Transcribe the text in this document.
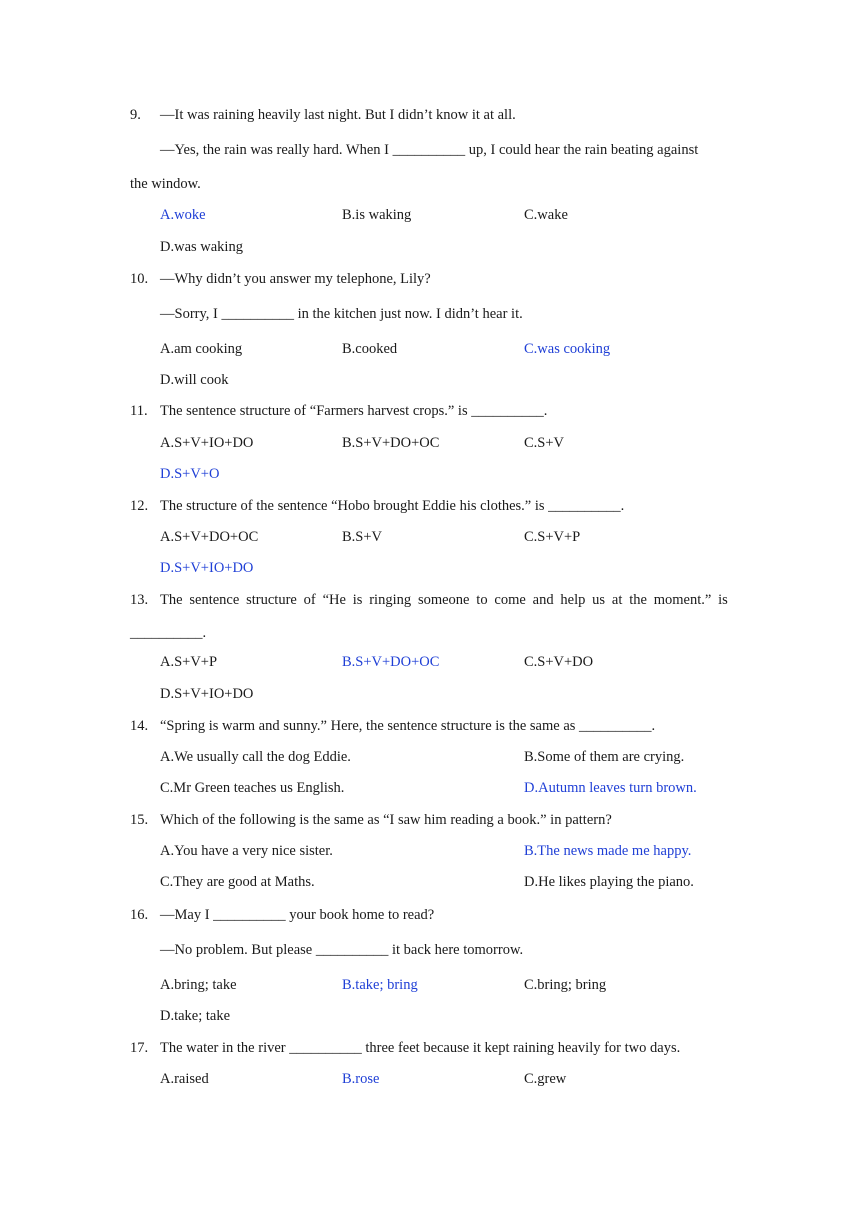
9. —It was raining heavily last night. But I didn’t know it at all.
—Yes, the rain was really hard. When I __________ up, I could hear the rain beating against
the window.
A.woke	B.is waking	C.wake
D.was waking
10. —Why didn’t you answer my telephone, Lily?
—Sorry, I __________ in the kitchen just now. I didn’t hear it.
A.am cooking	B.cooked	C.was cooking
D.will cook
11. The sentence structure of “Farmers harvest crops.” is __________.
A.S+V+IO+DO	B.S+V+DO+OC	C.S+V
D.S+V+O
12. The structure of the sentence “Hobo brought Eddie his clothes.” is __________.
A.S+V+DO+OC	B.S+V	C.S+V+P
D.S+V+IO+DO
13. The sentence structure of “He is ringing someone to come and help us at the moment.” is
__________.
A.S+V+P	B.S+V+DO+OC	C.S+V+DO
D.S+V+IO+DO
14. “Spring is warm and sunny.” Here, the sentence structure is the same as __________.
A.We usually call the dog Eddie.	B.Some of them are crying.
C.Mr Green teaches us English.	D.Autumn leaves turn brown.
15. Which of the following is the same as “I saw him reading a book.” in pattern?
A.You have a very nice sister.	B.The news made me happy.
C.They are good at Maths.	D.He likes playing the piano.
16. —May I __________ your book home to read?
—No problem. But please __________ it back here tomorrow.
A.bring; take	B.take; bring	C.bring; bring
D.take; take
17. The water in the river __________ three feet because it kept raining heavily for two days.
A.raised	B.rose	C.grew
